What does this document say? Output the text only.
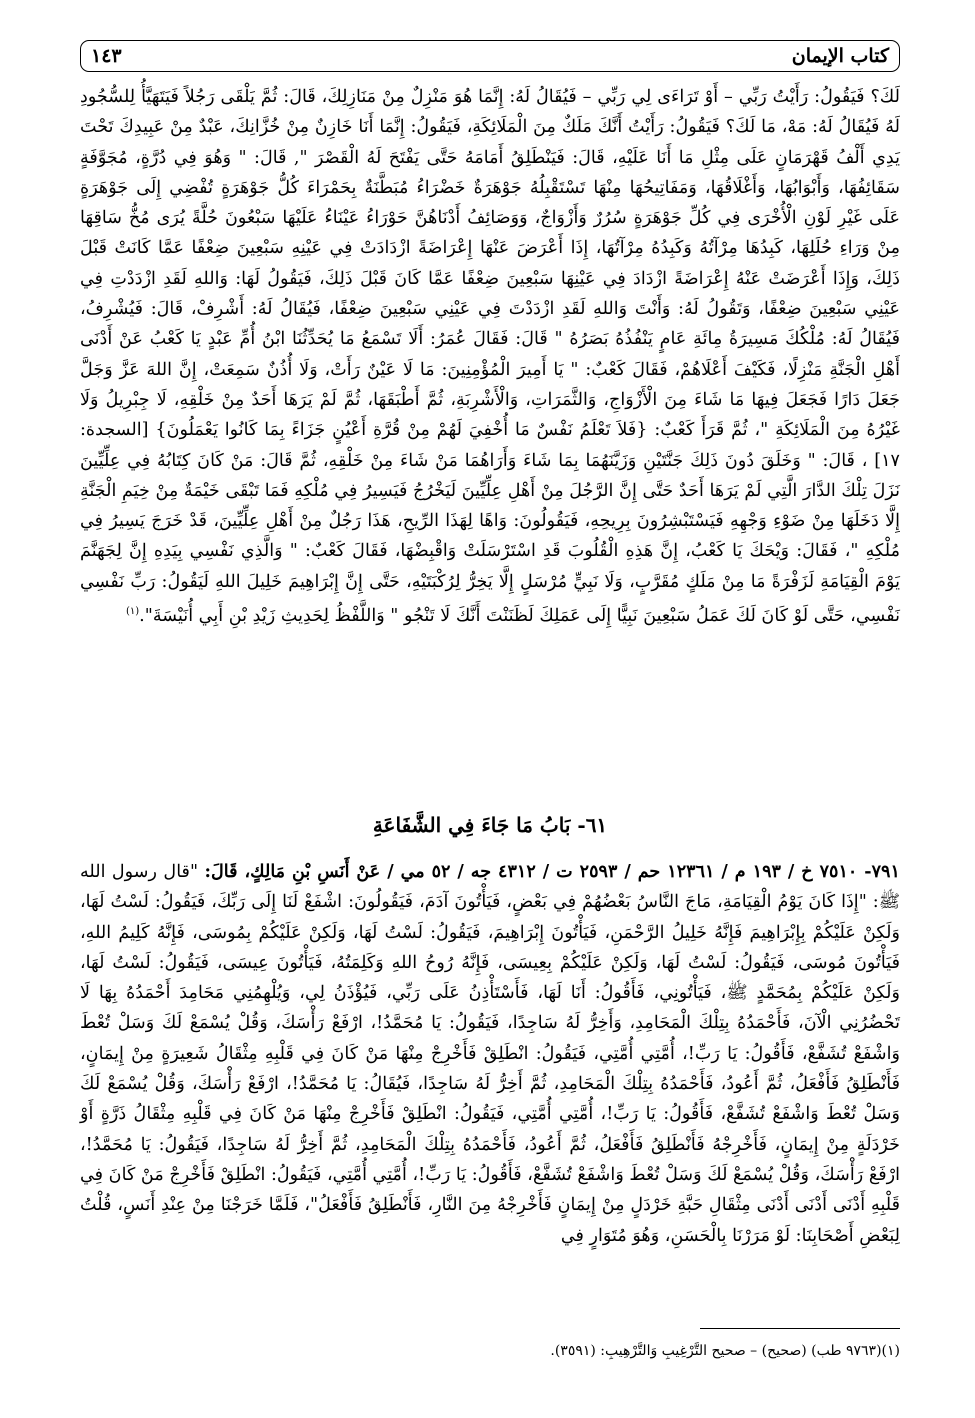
كتاب الإيمان
١٤٣

لَكَ؟ فَيَقُولُ: رَأَيْتُ رَبِّي – أَوْ تَرَاءَى لِي رَبِّي – فَيُقَالُ لَهُ: إِنَّمَا هُوَ مَنْزِلٌ مِنْ مَنَازِلِكَ، قَالَ: ثُمَّ يَلْقَى رَجُلاً فَيَتَهَيَّأُ لِلسُّجُودِ لَهُ فَيُقَالُ لَهُ: مَهْ، مَا لَكَ؟ فَيَقُولُ: رَأَيْتُ أَنَّكَ مَلَكٌ مِنَ الْمَلَائِكَةِ، فَيَقُولُ: إِنَّمَا أَنَا خَازِنٌ مِنْ خُزَّانِكَ، عَبْدٌ مِنْ عَبِيدِكَ تَحْتَ يَدِي أَلْفُ قَهْرَمَانٍ عَلَى مِثْلِ مَا أَنَا عَلَيْهِ، قَالَ: فَيَنْطَلِقُ أَمَامَهُ حَتَّى يَفْتَحَ لَهُ الْقَصْرَ ", قَالَ: " وَهُوَ فِي دُرَّةٍ، مُجَوَّفَةٍ سَقَائِفُهَا، وَأَبْوَابُهَا، وَأَغْلَاقُهَا، وَمَفَاتِيحُهَا مِنْهَا تَسْتَقْبِلُهُ جَوْهَرَةٌ خَضْرَاءُ مُبَطَّنَةٌ بِحَمْرَاءَ كُلُّ جَوْهَرَةٍ تُفْضِي إِلَى جَوْهَرَةٍ عَلَى غَيْرِ لَوْنِ الْأُخْرَى فِي كُلِّ جَوْهَرَةٍ سُرُرٌ وَأَزْوَاجٌ، وَوَصَائِفُ أَدْنَاهُنَّ حَوْرَاءُ عَيْنَاءُ عَلَيْهَا سَبْعُونَ حُلَّةً يُرَى مُخُّ سَاقِهَا مِنْ وَرَاءِ حُلَلِهَا، كَبِدُهَا مِرْآتُهُ وَكَبِدُهُ مِرْآتُهَا، إِذَا أَعْرَضَ عَنْهَا إِعْرَاضَةً ازْدَادَتْ فِي عَيْنِهِ سَبْعِينَ ضِعْفًا عَمَّا كَانَتْ قَبْلَ ذَلِكَ، وَإِذَا أَعْرَضَتْ عَنْهُ إِعْرَاضَةً ازْدَادَ فِي عَيْنِهَا سَبْعِينَ ضِعْفًا عَمَّا كَانَ قَبْلَ ذَلِكَ، فَيَقُولُ لَهَا: وَاللهِ لَقَدِ ازْدَدْتِ فِي عَيْنِي سَبْعِينَ ضِعْفًا، وَتَقُولُ لَهُ: وَأَنْتَ وَاللهِ لَقَدِ ازْدَدْتَ فِي عَيْنِي سَبْعِينَ ضِعْفًا، فَيُقَالُ لَهُ: أَشْرِفْ، قَالَ: فَيُشْرِفُ، فَيُقَالُ لَهُ: مُلْكُكَ مَسِيرَةُ مِائَةِ عَامٍ يَنْفُذُهُ بَصَرُهُ " قَالَ: فَقَالَ عُمَرُ: أَلَا تَسْمَعُ مَا يُحَدِّثُنَا ابْنُ أُمِّ عَبْدٍ يَا كَعْبُ عَنْ أَدْنَى أَهْلِ الْجَنَّةِ مَنْزِلًا، فَكَيْفَ أَعْلَاهُمْ، فَقَالَ كَعْبٌ: " يَا أَمِيرَ الْمُؤْمِنِينَ: مَا لَا عَيْنٌ رَأَتْ، وَلَا أُذُنٌ سَمِعَتْ، إِنَّ اللهَ عَزَّ وَجَلَّ جَعَلَ دَارًا فَجَعَلَ فِيهَا مَا شَاءَ مِنَ الْأَزْوَاجِ، وَالثَّمَرَاتِ، وَالْأَشْرِبَةِ، ثُمَّ أَطْبَقَهَا، ثُمَّ لَمْ يَرَهَا أَحَدٌ مِنْ خَلْقِهِ، لَا جِبْرِيلُ وَلَا غَيْرُهُ مِنَ الْمَلَائِكَةِ "، ثُمَّ قَرَأَ كَعْبٌ: {فَلاَ تَعْلَمُ نَفْسٌ مَا أُخْفِيَ لَهُمْ مِنْ قُرَّةِ أَعْيُنٍ جَزَاءً بِمَا كَانُوا يَعْمَلُونَ} [السجدة: ١٧] ، قَالَ: " وَخَلَقَ دُونَ ذَلِكَ جَنَّتَيْنِ وَزَيَّنَهُمَا بِمَا شَاءَ وَأَرَاهُمَا مَنْ شَاءَ مِنْ خَلْقِهِ، ثُمَّ قَالَ: مَنْ كَانَ كِتَابُهُ فِي عِلِّيِّينَ نَزَلَ تِلْكَ الدَّارَ الَّتِي لَمْ يَرَهَا أَحَدٌ حَتَّى إِنَّ الرَّجُلَ مِنْ أَهْلِ عِلِّيِّينَ لَيَخْرُجُ فَيَسِيرُ فِي مُلْكِهِ فَمَا تَبْقَى خَيْمَةٌ مِنْ خِيَمِ الْجَنَّةِ إِلَّا دَخَلَهَا مِنْ ضَوْءِ وَجْهِهِ فَيَسْتَبْشِرُونَ بِرِيحِهِ، فَيَقُولُونَ: وَاهًا لِهَذَا الرِّيحِ، هَذَا رَجُلٌ مِنْ أَهْلِ عِلِّيِّينَ، قَدْ خَرَجَ يَسِيرُ فِي مُلْكِهِ "، فَقَالَ: وَيْحَكَ يَا كَعْبُ، إِنَّ هَذِهِ الْقُلُوبَ قَدِ اسْتَرْسَلَتْ وَاقْبِضْهَا، فَقَالَ كَعْبٌ: " وَالَّذِي نَفْسِي بِيَدِهِ إِنَّ لِجَهَنَّمَ يَوْمَ الْقِيَامَةِ لَزَفْرَةً مَا مِنْ مَلَكٍ مُقَرَّبٍ، وَلَا نَبِيٍّ مُرْسَلٍ إِلَّا يَخِرُّ لِرُكْبَتَيْهِ، حَتَّى إِنَّ إِبْرَاهِيمَ خَلِيلَ اللهِ لَيَقُولُ: رَبِّ نَفْسِي نَفْسِي، حَتَّى لَوْ كَانَ لَكَ عَمَلُ سَبْعِينَ نَبِيًّا إِلَى عَمَلِكَ لَظَنَنْتَ أَنَّكَ لَا تَنْجُو " وَاللَّفْظُ لِحَدِيثِ زَيْدِ بْنِ أَبِي أُنَيْسَةَ".$^{(١)}$

٦١- بَابُ مَا جَاءَ فِي الشَّفَاعَةِ

٧٩١- ٧٥١٠ خ / ١٩٣ م / ١٢٣٦١ حم / ٢٥٩٣ ت / ٤٣١٢ جه / ٥٢ مي / عَنْ أَنَسِ بْنِ مَالِكٍ، قَالَ: "قال رسول الله ﷺ: "إِذَا كَانَ يَوْمُ الْقِيَامَةِ، مَاجَ النَّاسُ بَعْضُهُمْ فِي بَعْضٍ، فَيَأْتُونَ آدَمَ، فَيَقُولُونَ: اشْفَعْ لَنَا إِلَى رَبِّكَ، فَيَقُولُ: لَسْتُ لَهَا، وَلَكِنْ عَلَيْكُمْ بِإِبْرَاهِيمَ فَإِنَّهُ خَلِيلُ الرَّحْمَنِ، فَيَأْتُونَ إِبْرَاهِيمَ، فَيَقُولُ: لَسْتُ لَهَا، وَلَكِنْ عَلَيْكُمْ بِمُوسَى، فَإِنَّهُ كَلِيمُ اللهِ، فَيَأْتُونَ مُوسَى، فَيَقُولُ: لَسْتُ لَهَا، وَلَكِنْ عَلَيْكُمْ بِعِيسَى، فَإِنَّهُ رُوحُ اللهِ وَكَلِمَتُهُ، فَيَأْتُونَ عِيسَى، فَيَقُولُ: لَسْتُ لَهَا، وَلَكِنْ عَلَيْكُمْ بِمُحَمَّدٍ ﷺ، فَيَأْتُونِي، فَأَقُولُ: أَنَا لَهَا، فَأَسْتَأْذِنُ عَلَى رَبِّي، فَيُؤْذَنُ لِي، وَيُلْهِمُنِي مَحَامِدَ أَحْمَدُهُ بِهَا لَا تَحْضُرُنِي الْآنَ، فَأَحْمَدُهُ بِتِلْكَ الْمَحَامِدِ، وَأَخِرُّ لَهُ سَاجِدًا، فَيَقُولُ: يَا مُحَمَّدُ!، ارْفَعْ رَأْسَكَ، وَقُلْ يُسْمَعْ لَكَ وَسَلْ تُعْطَ وَاشْفَعْ تُشَفَّعْ، فَأَقُولُ: يَا رَبِّ!، أُمَّتِي أُمَّتِي، فَيَقُولُ: انْطَلِقْ فَأَخْرِجْ مِنْهَا مَنْ كَانَ فِي قَلْبِهِ مِثْقَالُ شَعِيرَةٍ مِنْ إِيمَانٍ، فَأَنْطَلِقُ فَأَفْعَلُ، ثُمَّ أَعُودُ، فَأَحْمَدُهُ بِتِلْكَ الْمَحَامِدِ، ثُمَّ أَخِرُّ لَهُ سَاجِدًا، فَيُقَالُ: يَا مُحَمَّدُ!، ارْفَعْ رَأْسَكَ، وَقُلْ يُسْمَعْ لَكَ وَسَلْ تُعْطَ وَاشْفَعْ تُشَفَّعْ، فَأَقُولُ: يَا رَبِّ!، أُمَّتِي أُمَّتِي، فَيَقُولُ: انْطَلِقْ فَأَخْرِجْ مِنْهَا مَنْ كَانَ فِي قَلْبِهِ مِثْقَالُ ذَرَّةٍ أَوْ خَرْدَلَةٍ مِنْ إِيمَانٍ، فَأَخْرِجْهُ فَأَنْطَلِقُ فَأَفْعَلُ، ثُمَّ أَعُودُ، فَأَحْمَدُهُ بِتِلْكَ الْمَحَامِدِ، ثُمَّ أَخِرُّ لَهُ سَاجِدًا، فَيَقُولُ: يَا مُحَمَّدُ!، ارْفَعْ رَأْسَكَ، وَقُلْ يُسْمَعْ لَكَ وَسَلْ تُعْطَ وَاشْفَعْ تُشَفَّعْ، فَأَقُولُ: يَا رَبِّ!، أُمَّتِي أُمَّتِي، فَيَقُولُ: انْطَلِقْ فَأَخْرِجْ مَنْ كَانَ فِي قَلْبِهِ أَدْنَى أَدْنَى أَدْنَى مِثْقَالِ حَبَّةِ خَرْدَلٍ مِنْ إِيمَانٍ فَأَخْرِجْهُ مِنَ النَّارِ، فَأَنْطَلِقُ فَأَفْعَلُ"، فَلَمَّا خَرَجْنَا مِنْ عِنْدِ أَنَسٍ، قُلْتُ لِبَعْضِ أَصْحَابِنَا: لَوْ مَرَرْنَا بِالْحَسَنِ، وَهُوَ مُتَوَارٍ فِي

(١)(٩٧٦٣ طب) (صحيح) – صحيح التَّرْغِيبِ وَالتَّرْهِيبِ: (٣٥٩١).
